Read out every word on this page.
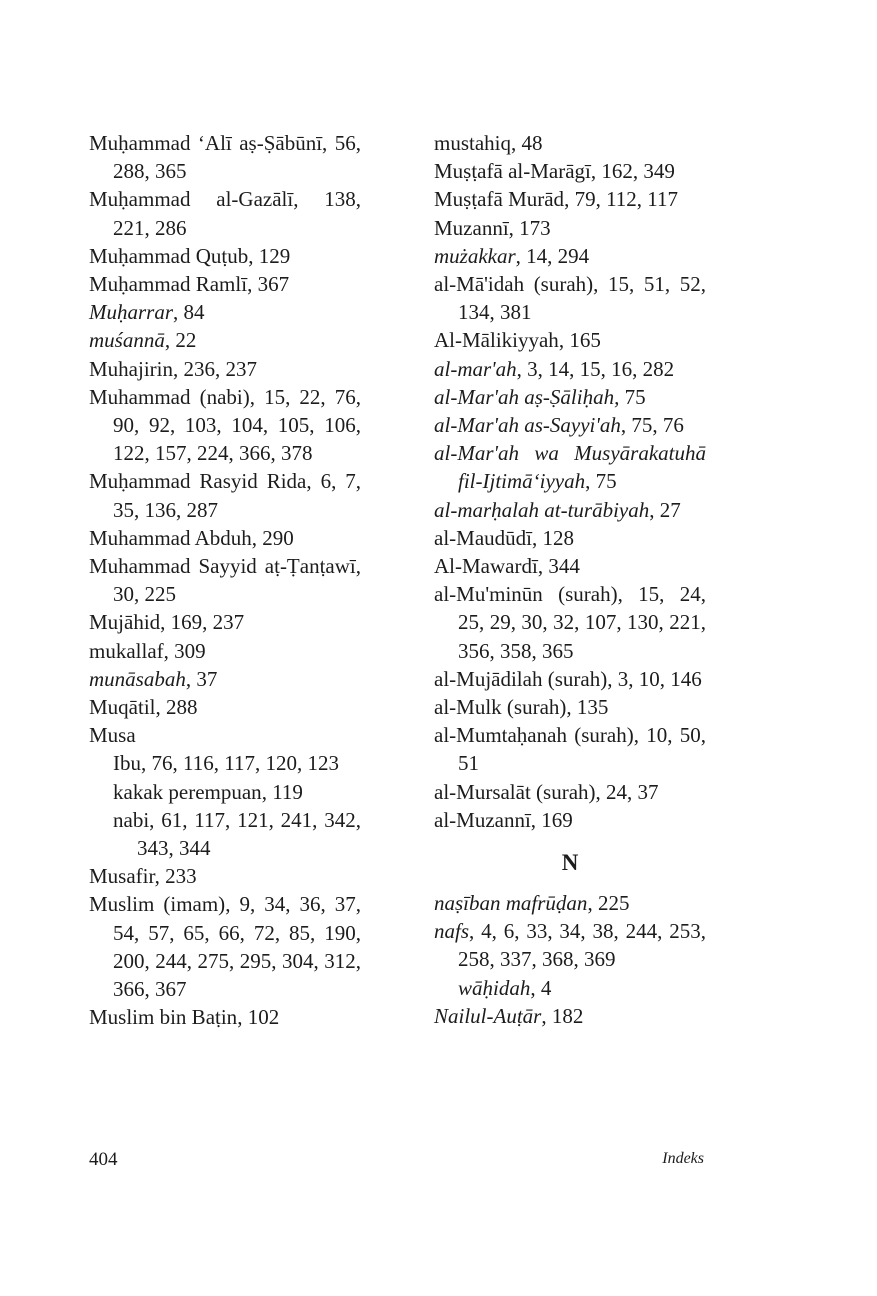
Muḥammad ‘Alī aṣ-Ṣābūnī, 56, 288, 365

Muḥammad al-Gazālī, 138, 221, 286

Muḥammad Quṭub, 129

Muḥammad Ramlī, 367

Muḥarrar, 84

muśannā, 22

Muhajirin, 236, 237

Muhammad (nabi), 15, 22, 76, 90, 92, 103, 104, 105, 106, 122, 157, 224, 366, 378

Muḥammad Rasyid Rida, 6, 7, 35, 136, 287

Muhammad Abduh, 290

Muhammad Sayyid aṭ-Ṭanṭawī, 30, 225

Mujāhid, 169, 237

mukallaf, 309

munāsabah, 37

Muqātil, 288

Musa

Ibu, 76, 116, 117, 120, 123

kakak perempuan, 119

nabi, 61, 117, 121, 241, 342, 343, 344

Musafir, 233

Muslim (imam), 9, 34, 36, 37, 54, 57, 65, 66, 72, 85, 190, 200, 244, 275, 295, 304, 312, 366, 367

Muslim bin Baṭin, 102

mustahiq, 48

Muṣṭafā al-Marāgī, 162, 349

Muṣṭafā Murād, 79, 112, 117

Muzannī, 173

mużakkar, 14, 294

al-Mā'idah (surah), 15, 51, 52, 134, 381

Al-Mālikiyyah, 165

al-mar'ah, 3, 14, 15, 16, 282

al-Mar'ah aṣ-Ṣāliḥah, 75

al-Mar'ah as-Sayyi'ah, 75, 76

al-Mar'ah wa Musyārakatuhā fil-Ijtimā‘iyyah, 75

al-marḥalah at-turābiyah, 27

al-Maudūdī, 128

Al-Mawardī, 344

al-Mu'minūn (surah), 15, 24, 25, 29, 30, 32, 107, 130, 221, 356, 358, 365

al-Mujādilah (surah), 3, 10, 146

al-Mulk (surah), 135

al-Mumtaḥanah (surah), 10, 50, 51

al-Mursalāt (surah), 24, 37

al-Muzannī, 169

N

naṣīban mafrūḍan, 225

nafs, 4, 6, 33, 34, 38, 244, 253, 258, 337, 368, 369

wāḥidah, 4

Nailul-Auṭār, 182

404	Indeks
